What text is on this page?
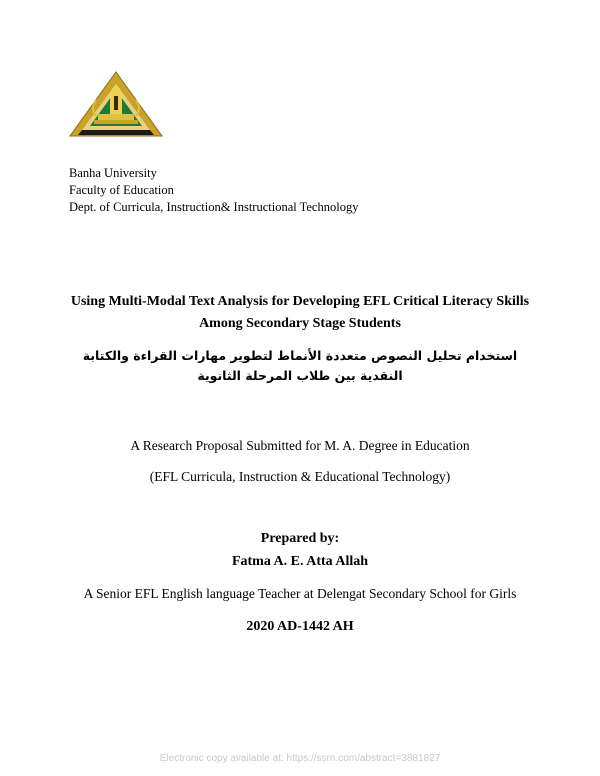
Banha University
Faculty of Education
Dept. of Curricula, Instruction& Instructional Technology
Using Multi-Modal Text Analysis for Developing EFL Critical Literacy Skills
Among Secondary Stage Students
استخدام تحليل النصوص متعددة الأنماط لتطوير مهارات القراءة والكتابة النقدية بين طلاب المرحلة الثانوية
A Research Proposal Submitted for M. A. Degree in Education
(EFL Curricula, Instruction & Educational Technology)
Prepared by:
Fatma A. E. Atta Allah
A Senior EFL English language Teacher at Delengat Secondary School for Girls
2020 AD-1442 AH
Electronic copy available at: https://ssrn.com/abstract=3881827
